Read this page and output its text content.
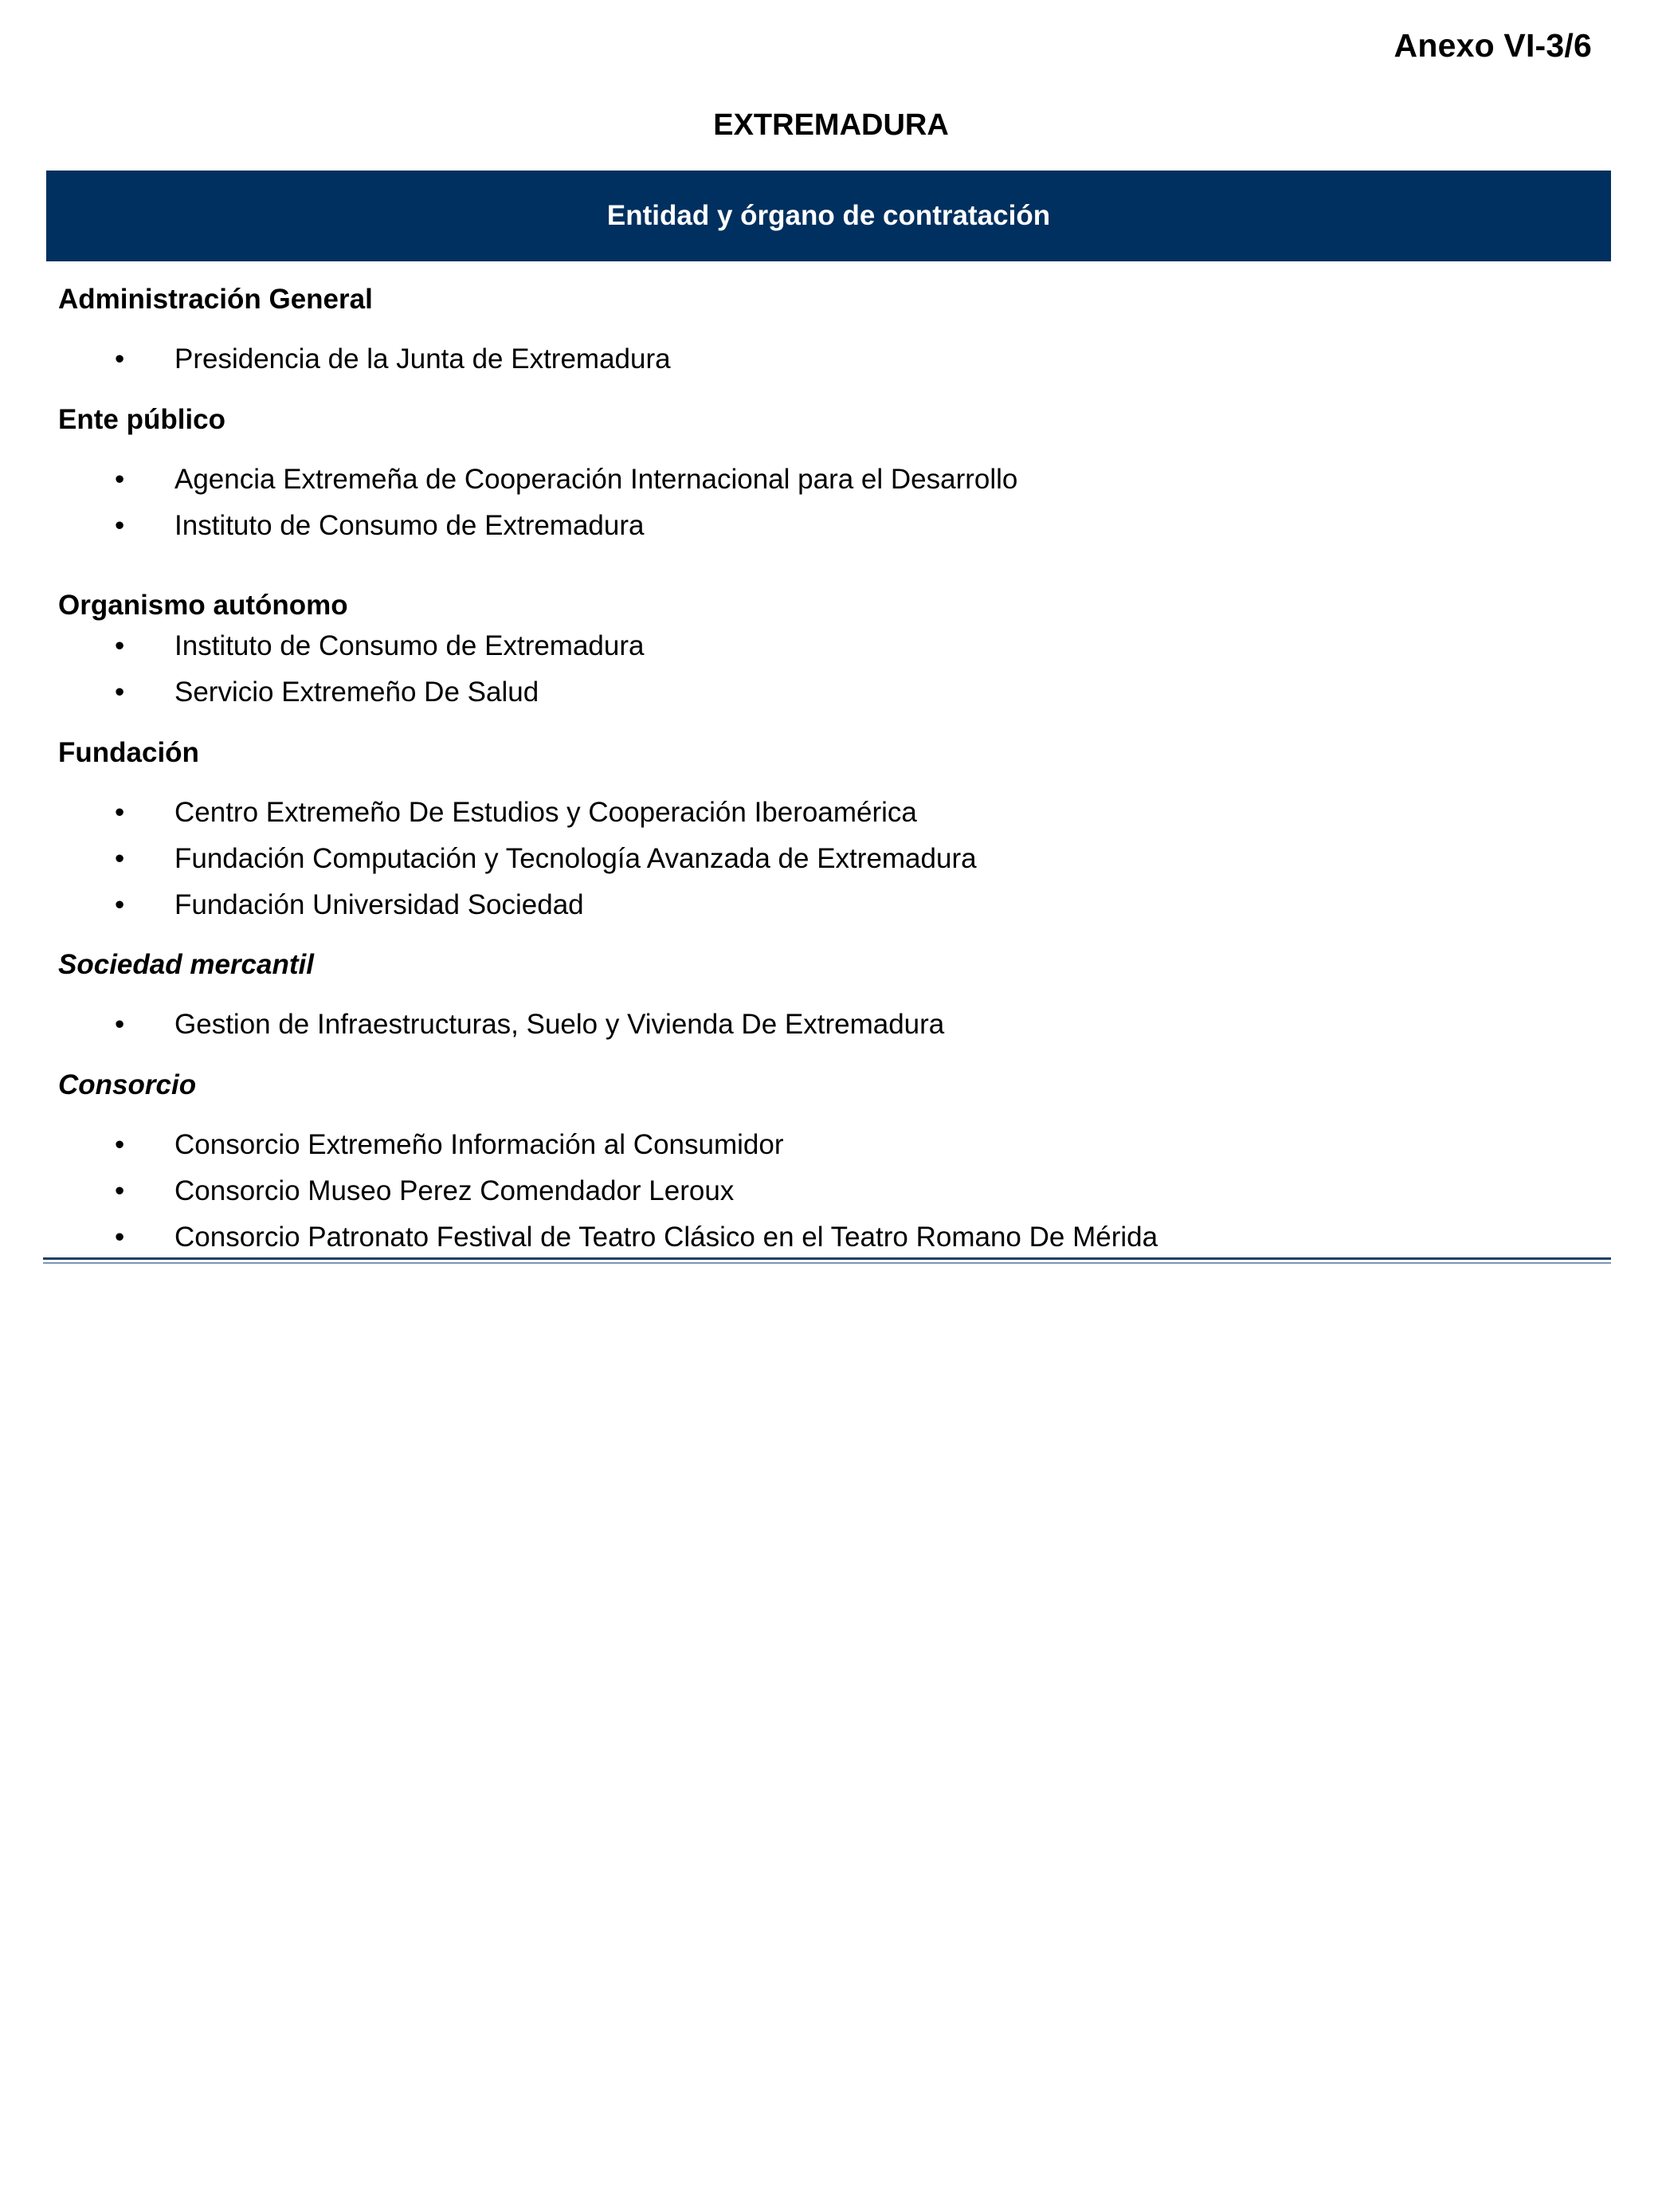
Anexo VI-3/6
EXTREMADURA
Entidad y órgano de contratación
Administración General
• Presidencia de la Junta de Extremadura
Ente público
• Agencia Extremeña de Cooperación Internacional para el Desarrollo
• Instituto de Consumo de Extremadura
Organismo autónomo
• Instituto de Consumo de Extremadura
• Servicio Extremeño De Salud
Fundación
• Centro Extremeño De Estudios y Cooperación Iberoamérica
• Fundación Computación y Tecnología Avanzada de Extremadura
• Fundación Universidad Sociedad
Sociedad mercantil
• Gestion de Infraestructuras, Suelo y Vivienda De Extremadura
Consorcio
• Consorcio Extremeño Información al Consumidor
• Consorcio Museo Perez Comendador Leroux
• Consorcio Patronato Festival de Teatro Clásico en el Teatro Romano De Mérida
